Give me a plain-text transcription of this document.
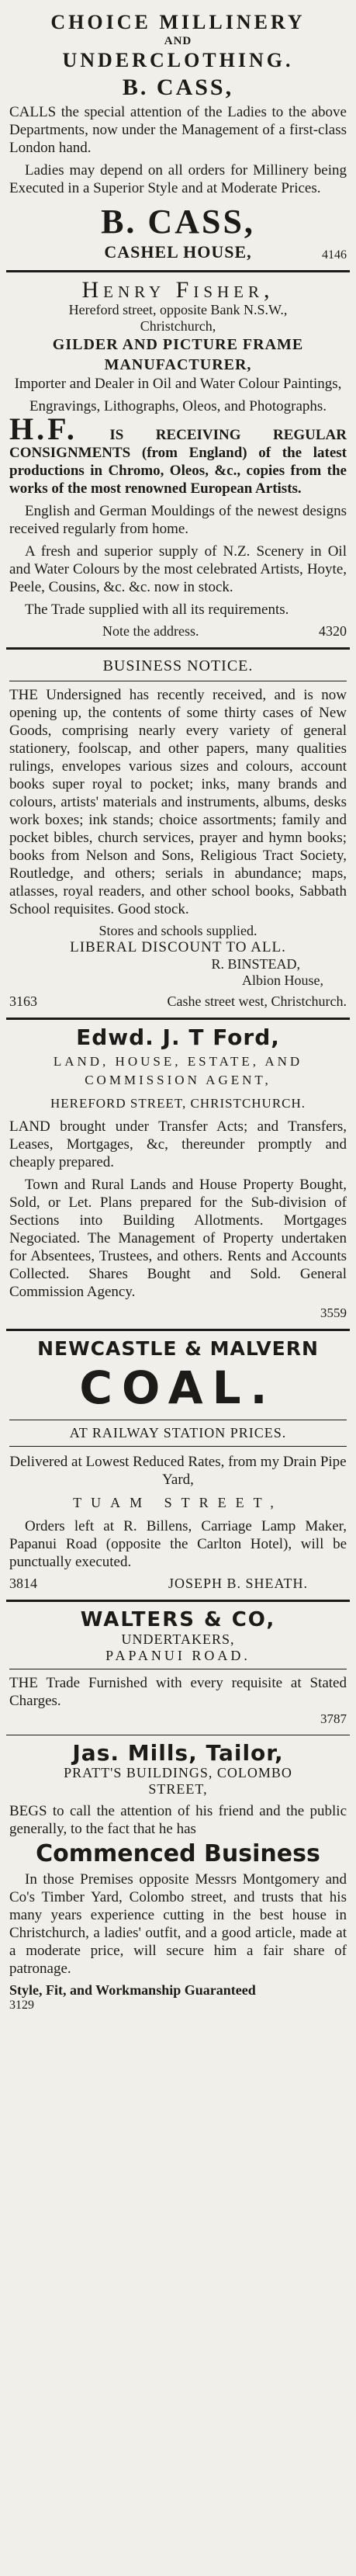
CHOICE MILLINERY
AND
UNDERCLOTHING.
B. CASS,

CALLS the special attention of the Ladies to the above Departments, now under the Management of a first-class London hand.

Ladies may depend on all orders for Millinery being Executed in a Superior Style and at Moderate Prices.

B. CASS,
CASHEL HOUSE,	4146
Henry Fisher,
Hereford street, opposite Bank N.S.W.,
Christchurch,
GILDER AND PICTURE FRAME
MANUFACTURER,

Importer and Dealer in Oil and Water Colour Paintings,

Engravings, Lithographs, Oleos, and Photographs.

H.F. IS RECEIVING REGULAR CONSIGNMENTS (from England) of the latest productions in Chromo, Oleos, &c., copies from the works of the most renowned European Artists.

English and German Mouldings of the newest designs received regularly from home.

A fresh and superior supply of N.Z. Scenery in Oil and Water Colours by the most celebrated Artists, Hoyte, Peele, Cousins, &c. &c. now in stock.

The Trade supplied with all its requirements.

Note the address.	4320
BUSINESS NOTICE.

THE Undersigned has recently received, and is now opening up, the contents of some thirty cases of New Goods, comprising nearly every variety of general stationery, foolscap, and other papers, many qualities rulings, envelopes various sizes and colours, account books super royal to pocket; inks, many brands and colours, artists' materials and instruments, albums, desks work boxes; ink stands; choice assortments; family and pocket bibles, church services, prayer and hymn books; books from Nelson and Sons, Religious Tract Society, Routledge, and others; serials in abundance; maps, atlasses, royal readers, and other school books, Sabbath School requisites. Good stock.

Stores and schools supplied.
LIBERAL DISCOUNT TO ALL.
R. BINSTEAD,
Albion House,
3163	Cashe street west, Christchurch.
Edwd. J. T Ford,
LAND, HOUSE, ESTATE, AND
COMMISSION AGENT,
HEREFORD STREET, CHRISTCHURCH.

LAND brought under Transfer Acts; and Transfers, Leases, Mortgages, &c, thereunder promptly and cheaply prepared.

Town and Rural Lands and House Property Bought, Sold, or Let. Plans prepared for the Sub-division of Sections into Building Allotments. Mortgages Negociated. The Management of Property undertaken for Absentees, Trustees, and others. Rents and Accounts Collected. Shares Bought and Sold. General Commission Agency.

3559
NEWCASTLE & MALVERN
COAL.
AT RAILWAY STATION PRICES.

Delivered at Lowest Reduced Rates, from my Drain Pipe Yard,

TUAM STREET,

Orders left at R. Billens, Carriage Lamp Maker, Papanui Road (opposite the Carlton Hotel), will be punctually executed.

3814	JOSEPH B. SHEATH.
WALTERS & CO,
UNDERTAKERS,
PAPANUI ROAD.

THE Trade Furnished with every requisite at Stated Charges.

3787
Jas. Mills, Tailor,
PRATT'S BUILDINGS, COLOMBO
STREET,

BEGS to call the attention of his friend and the public generally, to the fact that he has

Commenced Business

In those Premises opposite Messrs Montgomery and Co's Timber Yard, Colombo street, and trusts that his many years experience cutting in the best house in Christchurch, a ladies' outfit, and a good article, made at a moderate price, will secure him a fair share of patronage.

Style, Fit, and Workmanship Guaranteed
3129
